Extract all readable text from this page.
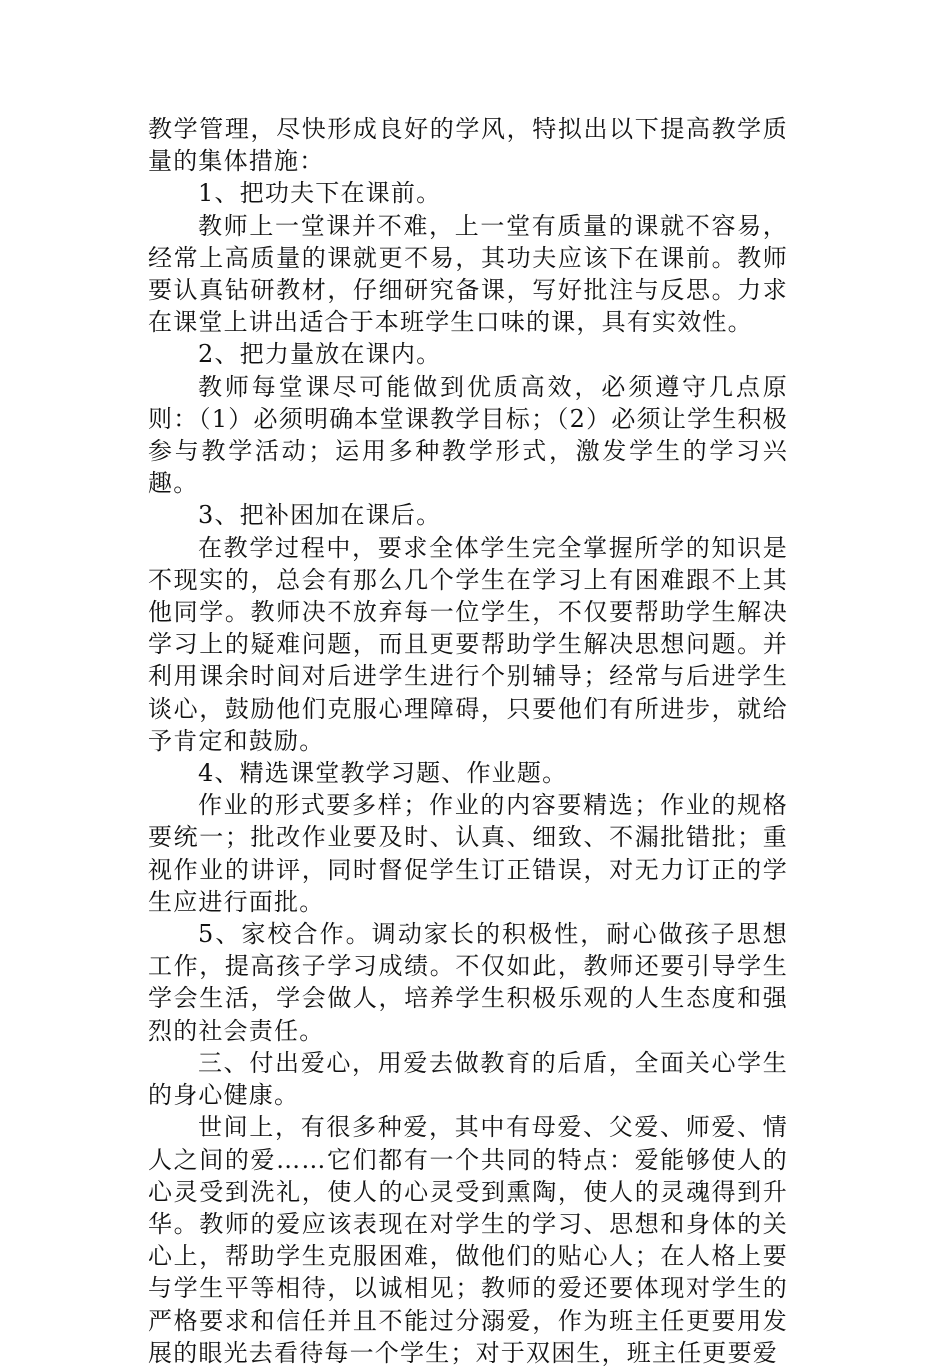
教学管理，尽快形成良好的学风，特拟出以下提高教学质量的集体措施：

1、把功夫下在课前。

教师上一堂课并不难，上一堂有质量的课就不容易，经常上高质量的课就更不易，其功夫应该下在课前。教师要认真钻研教材，仔细研究备课，写好批注与反思。力求在课堂上讲出适合于本班学生口味的课，具有实效性。

2、把力量放在课内。

教师每堂课尽可能做到优质高效，必须遵守几点原则：（1）必须明确本堂课教学目标；（2）必须让学生积极参与教学活动；运用多种教学形式，激发学生的学习兴趣。

3、把补困加在课后。

在教学过程中，要求全体学生完全掌握所学的知识是不现实的，总会有那么几个学生在学习上有困难跟不上其他同学。教师决不放弃每一位学生，不仅要帮助学生解决学习上的疑难问题，而且更要帮助学生解决思想问题。并利用课余时间对后进学生进行个别辅导；经常与后进学生谈心，鼓励他们克服心理障碍，只要他们有所进步，就给予肯定和鼓励。

4、精选课堂教学习题、作业题。

作业的形式要多样；作业的内容要精选；作业的规格要统一；批改作业要及时、认真、细致、不漏批错批；重视作业的讲评，同时督促学生订正错误，对无力订正的学生应进行面批。

5、家校合作。调动家长的积极性，耐心做孩子思想工作，提高孩子学习成绩。不仅如此，教师还要引导学生学会生活，学会做人，培养学生积极乐观的人生态度和强烈的社会责任。

三、付出爱心，用爱去做教育的后盾，全面关心学生的身心健康。

世间上，有很多种爱，其中有母爱、父爱、师爱、情人之间的爱……它们都有一个共同的特点：爱能够使人的心灵受到洗礼，使人的心灵受到熏陶，使人的灵魂得到升华。教师的爱应该表现在对学生的学习、思想和身体的关心上，帮助学生克服困难，做他们的贴心人；在人格上要与学生平等相待，以诚相见；教师的爱还要体现对学生的严格要求和信任并且不能过分溺爱，作为班主任更要用发展的眼光去看待每一个学生；对于双困生，班主任更要爱
